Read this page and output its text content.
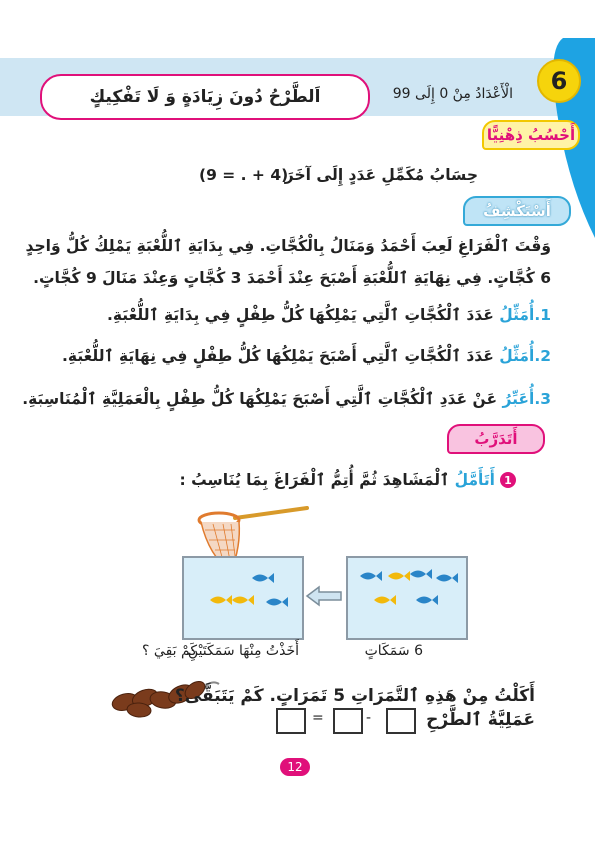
6
الْأَعْدَادُ مِنْ 0 إِلَى 99
اَلطَّرْحُ دُونَ زِيَادَةٍ وَ لَا تَفْكِيكٍ
أَحْسُبُ ذِهْنِيًّا
حِسَابُ مُكَمِّلِ عَدَدٍ إِلَى آخَرَ
(9 = . + 4)
أَسْتَكْشِفُ
وَقْتَ ٱلْفَرَاغِ لَعِبَ أَحْمَدُ وَمَنَالُ بِالْكُجَّاتِ. فِي بِدَايَةِ ٱللُّعْبَةِ يَمْلِكُ كُلُّ وَاحِدٍ
6 كُجَّاتٍ. فِي نِهَايَةِ ٱللُّعْبَةِ أَصْبَحَ عِنْدَ أَحْمَدَ 3 كُجَّاتٍ وَعِنْدَ مَنَالَ 9 كُجَّاتٍ.
1.أُمَثِّلُ عَدَدَ ٱلْكُجَّاتِ ٱلَّتِي يَمْلِكُهَا كُلُّ طِفْلٍ فِي بِدَايَةِ ٱللُّعْبَةِ.
2.أُمَثِّلُ عَدَدَ ٱلْكُجَّاتِ ٱلَّتِي أَصْبَحَ يَمْلِكُهَا كُلُّ طِفْلٍ فِي نِهَايَةِ ٱللُّعْبَةِ.
3.أُعَبِّرُ عَنْ عَدَدِ ٱلْكُجَّاتِ ٱلَّتِي أَصْبَحَ يَمْلِكُهَا كُلُّ طِفْلٍ بِالْعَمَلِيَّةِ ٱلْمُنَاسِبَةِ.
أَتَدَرَّبُ
1
أَتَأَمَّلُ ٱلْمَشَاهِدَ ثُمَّ أُتِمُّ ٱلْفَرَاغَ بِمَا يُنَاسِبُ :
6 سَمَكَاتٍ
أَخَذْتُ مِنْهَا سَمَكَتَيْنِ
كَمْ بَقِيَ ؟
أَكَلْتُ مِنْ هَذِهِ ٱلتَّمَرَاتِ 5 تَمَرَاتٍ. كَمْ يَتَبَقَّى؟
عَمَلِيَّةُ ٱلطَّرْحِ
-
=
12
